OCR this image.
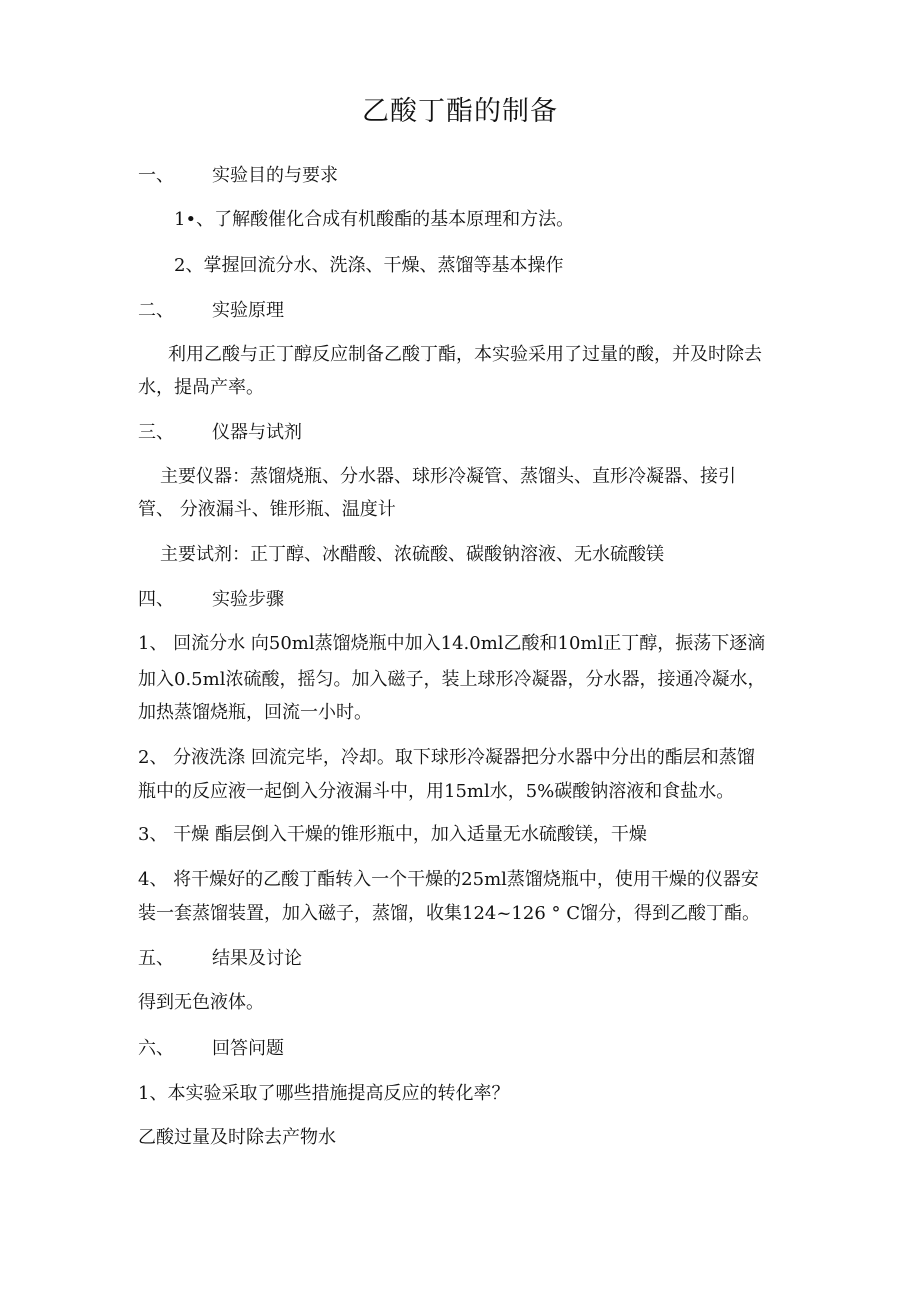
乙酸丁酯的制备
一、 实验目的与要求
1•、了解酸催化合成有机酸酯的基本原理和方法。
2、掌握回流分水、洗涤、干燥、蒸馏等基本操作
二、 实验原理
利用乙酸与正丁醇反应制备乙酸丁酯，本实验采用了过量的酸，并及时除去
水，提咼产率。
三、 仪器与试剂
主要仪器：蒸馏烧瓶、分水器、球形冷凝管、蒸馏头、直形冷凝器、接引
管、 分液漏斗、锥形瓶、温度计
主要试剂：正丁醇、冰醋酸、浓硫酸、碳酸钠溶液、无水硫酸镁
四、 实验步骤
1、 回流分水 向50ml蒸馏烧瓶中加入14.0ml乙酸和10ml正丁醇，振荡下逐滴
加入0.5ml浓硫酸，摇匀。加入磁子，装上球形冷凝器，分水器，接通冷凝水，
加热蒸馏烧瓶，回流一小时。
2、 分液洗涤 回流完毕，冷却。取下球形冷凝器把分水器中分出的酯层和蒸馏
瓶中的反应液一起倒入分液漏斗中，用15ml水，5%碳酸钠溶液和食盐水。
3、 干燥 酯层倒入干燥的锥形瓶中，加入适量无水硫酸镁，干燥
4、 将干燥好的乙酸丁酯转入一个干燥的25ml蒸馏烧瓶中，使用干燥的仪器安
装一套蒸馏装置，加入磁子，蒸馏，收集124~126 ° C馏分，得到乙酸丁酯。
五、 结果及讨论
得到无色液体。
六、 回答问题
1、本实验采取了哪些措施提高反应的转化率？
乙酸过量及时除去产物水
